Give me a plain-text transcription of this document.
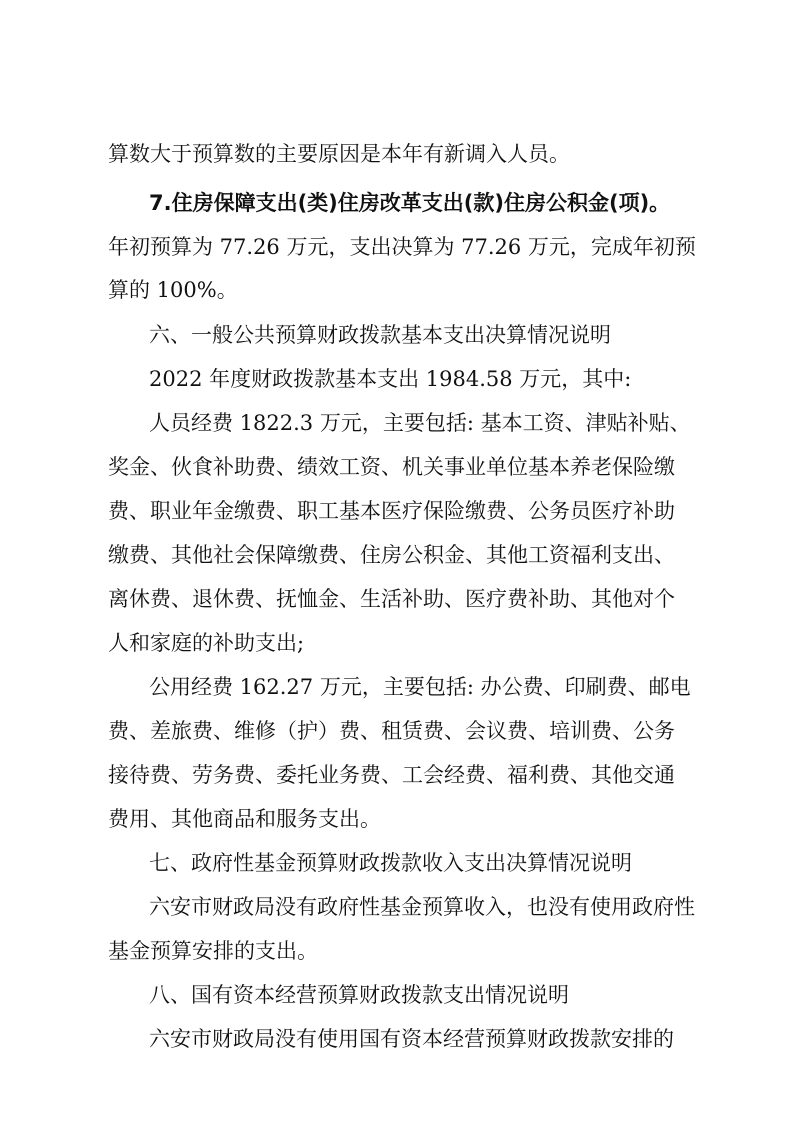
算数大于预算数的主要原因是本年有新调入人员。
7.住房保障支出(类)住房改革支出(款)住房公积金(项)。
年初预算为 77.26 万元，支出决算为 77.26 万元，完成年初预
算的 100%。
六、一般公共预算财政拨款基本支出决算情况说明
2022 年度财政拨款基本支出 1984.58 万元，其中:
人员经费 1822.3 万元，主要包括: 基本工资、津贴补贴、
奖金、伙食补助费、绩效工资、机关事业单位基本养老保险缴
费、职业年金缴费、职工基本医疗保险缴费、公务员医疗补助
缴费、其他社会保障缴费、住房公积金、其他工资福利支出、
离休费、退休费、抚恤金、生活补助、医疗费补助、其他对个
人和家庭的补助支出;
公用经费 162.27 万元，主要包括: 办公费、印刷费、邮电
费、差旅费、维修（护）费、租赁费、会议费、培训费、公务
接待费、劳务费、委托业务费、工会经费、福利费、其他交通
费用、其他商品和服务支出。
七、政府性基金预算财政拨款收入支出决算情况说明
六安市财政局没有政府性基金预算收入，也没有使用政府性
基金预算安排的支出。
八、国有资本经营预算财政拨款支出情况说明
六安市财政局没有使用国有资本经营预算财政拨款安排的
